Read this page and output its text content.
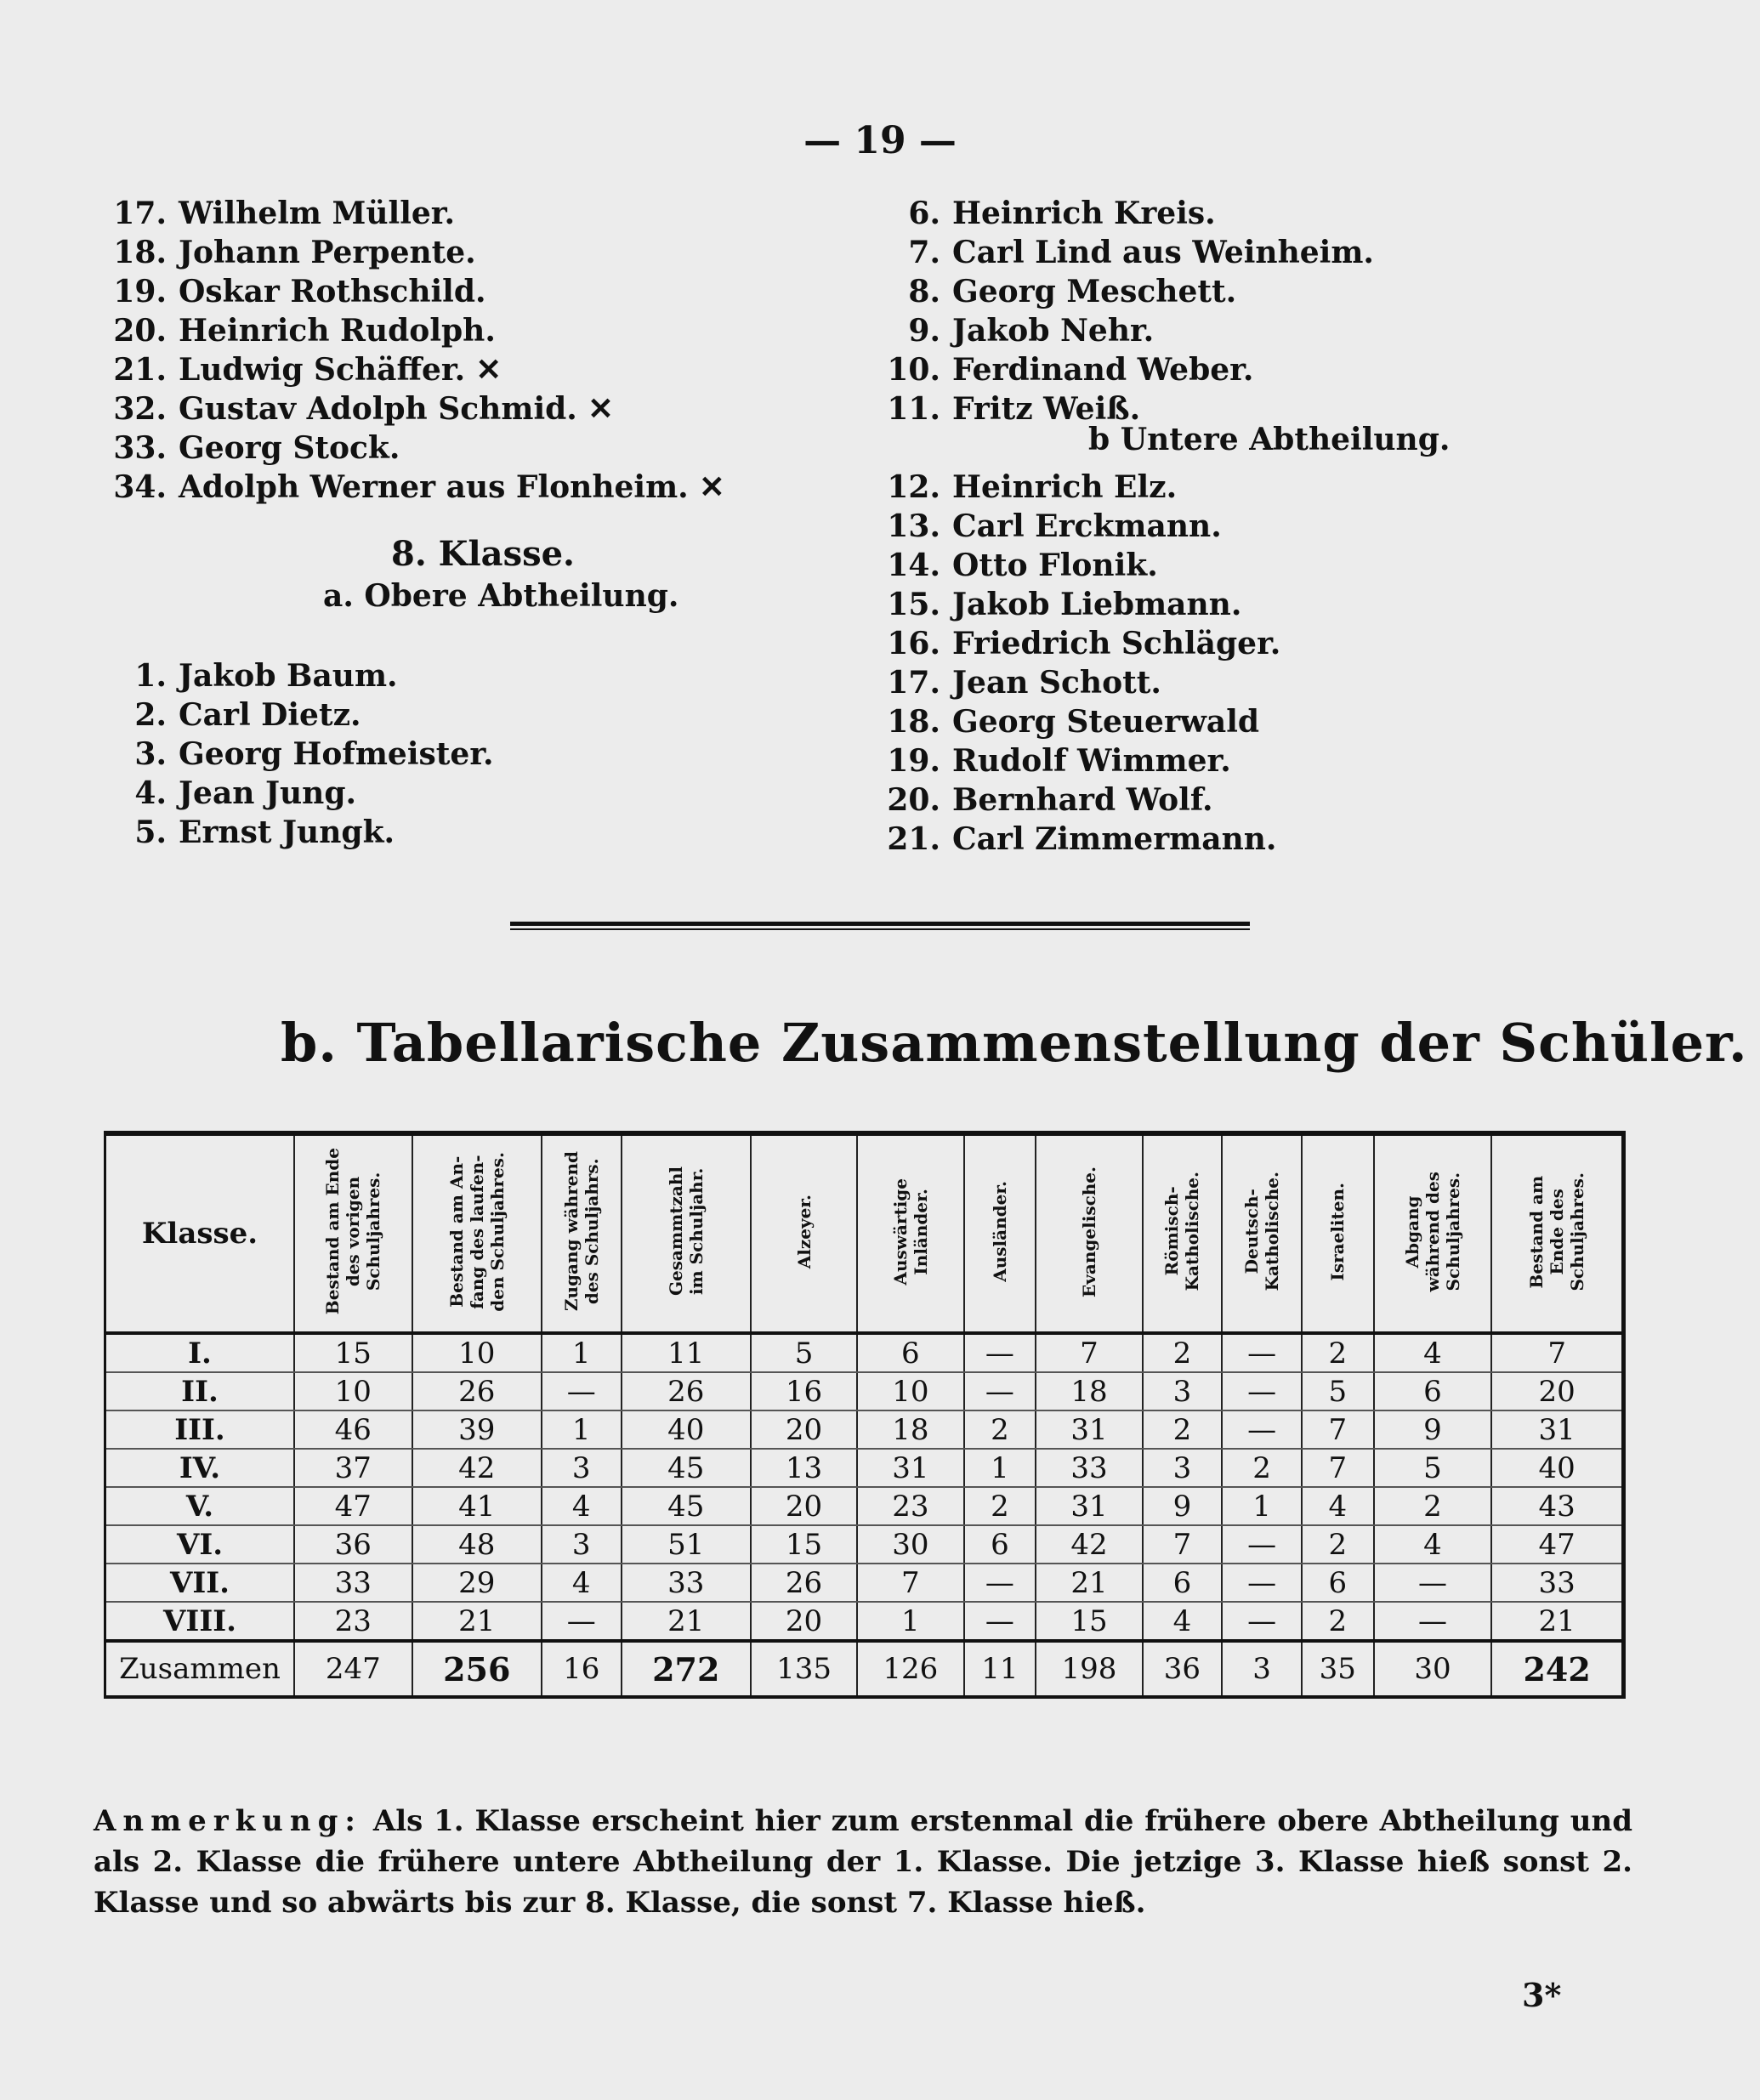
— 19 —
17. Wilhelm Müller.
18. Johann Perpente.
19. Oskar Rothschild.
20. Heinrich Rudolph.
21. Ludwig Schäffer. ✕
32. Gustav Adolph Schmid. ✕
33. Georg Stock.
34. Adolph Werner aus Flonheim. ✕
8. Klasse.
a. Obere Abtheilung.
1. Jakob Baum.
2. Carl Dietz.
3. Georg Hofmeister.
4. Jean Jung.
5. Ernst Jungk.
6. Heinrich Kreis.
7. Carl Lind aus Weinheim.
8. Georg Meschett.
9. Jakob Nehr.
10. Ferdinand Weber.
11. Fritz Weiß.
b Untere Abtheilung.
12. Heinrich Elz.
13. Carl Erckmann.
14. Otto Flonik.
15. Jakob Liebmann.
16. Friedrich Schläger.
17. Jean Schott.
18. Georg Steuerwald
19. Rudolf Wimmer.
20. Bernhard Wolf.
21. Carl Zimmermann.
b. Tabellarische Zusammenstellung der Schüler.
Klasse.	Bestand am Ende
des vorigen
Schuljahres.	Bestand am An-
fang des laufen-
den Schuljahres.	Zugang während
des Schuljahrs.	Gesammtzahl
im Schuljahr.	Alzeyer.	Auswärtige
Inländer.	Ausländer.	Evangelische.	Römisch-
Katholische.	Deutsch-
Katholische.	Israeliten.	Abgang
während des
Schuljahres.	Bestand am
Ende des
Schuljahres.
I.	15	10	1	11	5	6	—	7	2	—	2	4	7
II.	10	26	—	26	16	10	—	18	3	—	5	6	20
III.	46	39	1	40	20	18	2	31	2	—	7	9	31
IV.	37	42	3	45	13	31	1	33	3	2	7	5	40
V.	47	41	4	45	20	23	2	31	9	1	4	2	43
VI.	36	48	3	51	15	30	6	42	7	—	2	4	47
VII.	33	29	4	33	26	7	—	21	6	—	6	—	33
VIII.	23	21	—	21	20	1	—	15	4	—	2	—	21
Zusammen	247	256	16	272	135	126	11	198	36	3	35	30	242
Anmerkung: Als 1. Klasse erscheint hier zum erstenmal die frühere obere Abtheilung und als 2. Klasse die frühere untere Abtheilung der 1. Klasse. Die jetzige 3. Klasse hieß sonst 2. Klasse und so abwärts bis zur 8. Klasse, die sonst 7. Klasse hieß.
3*
